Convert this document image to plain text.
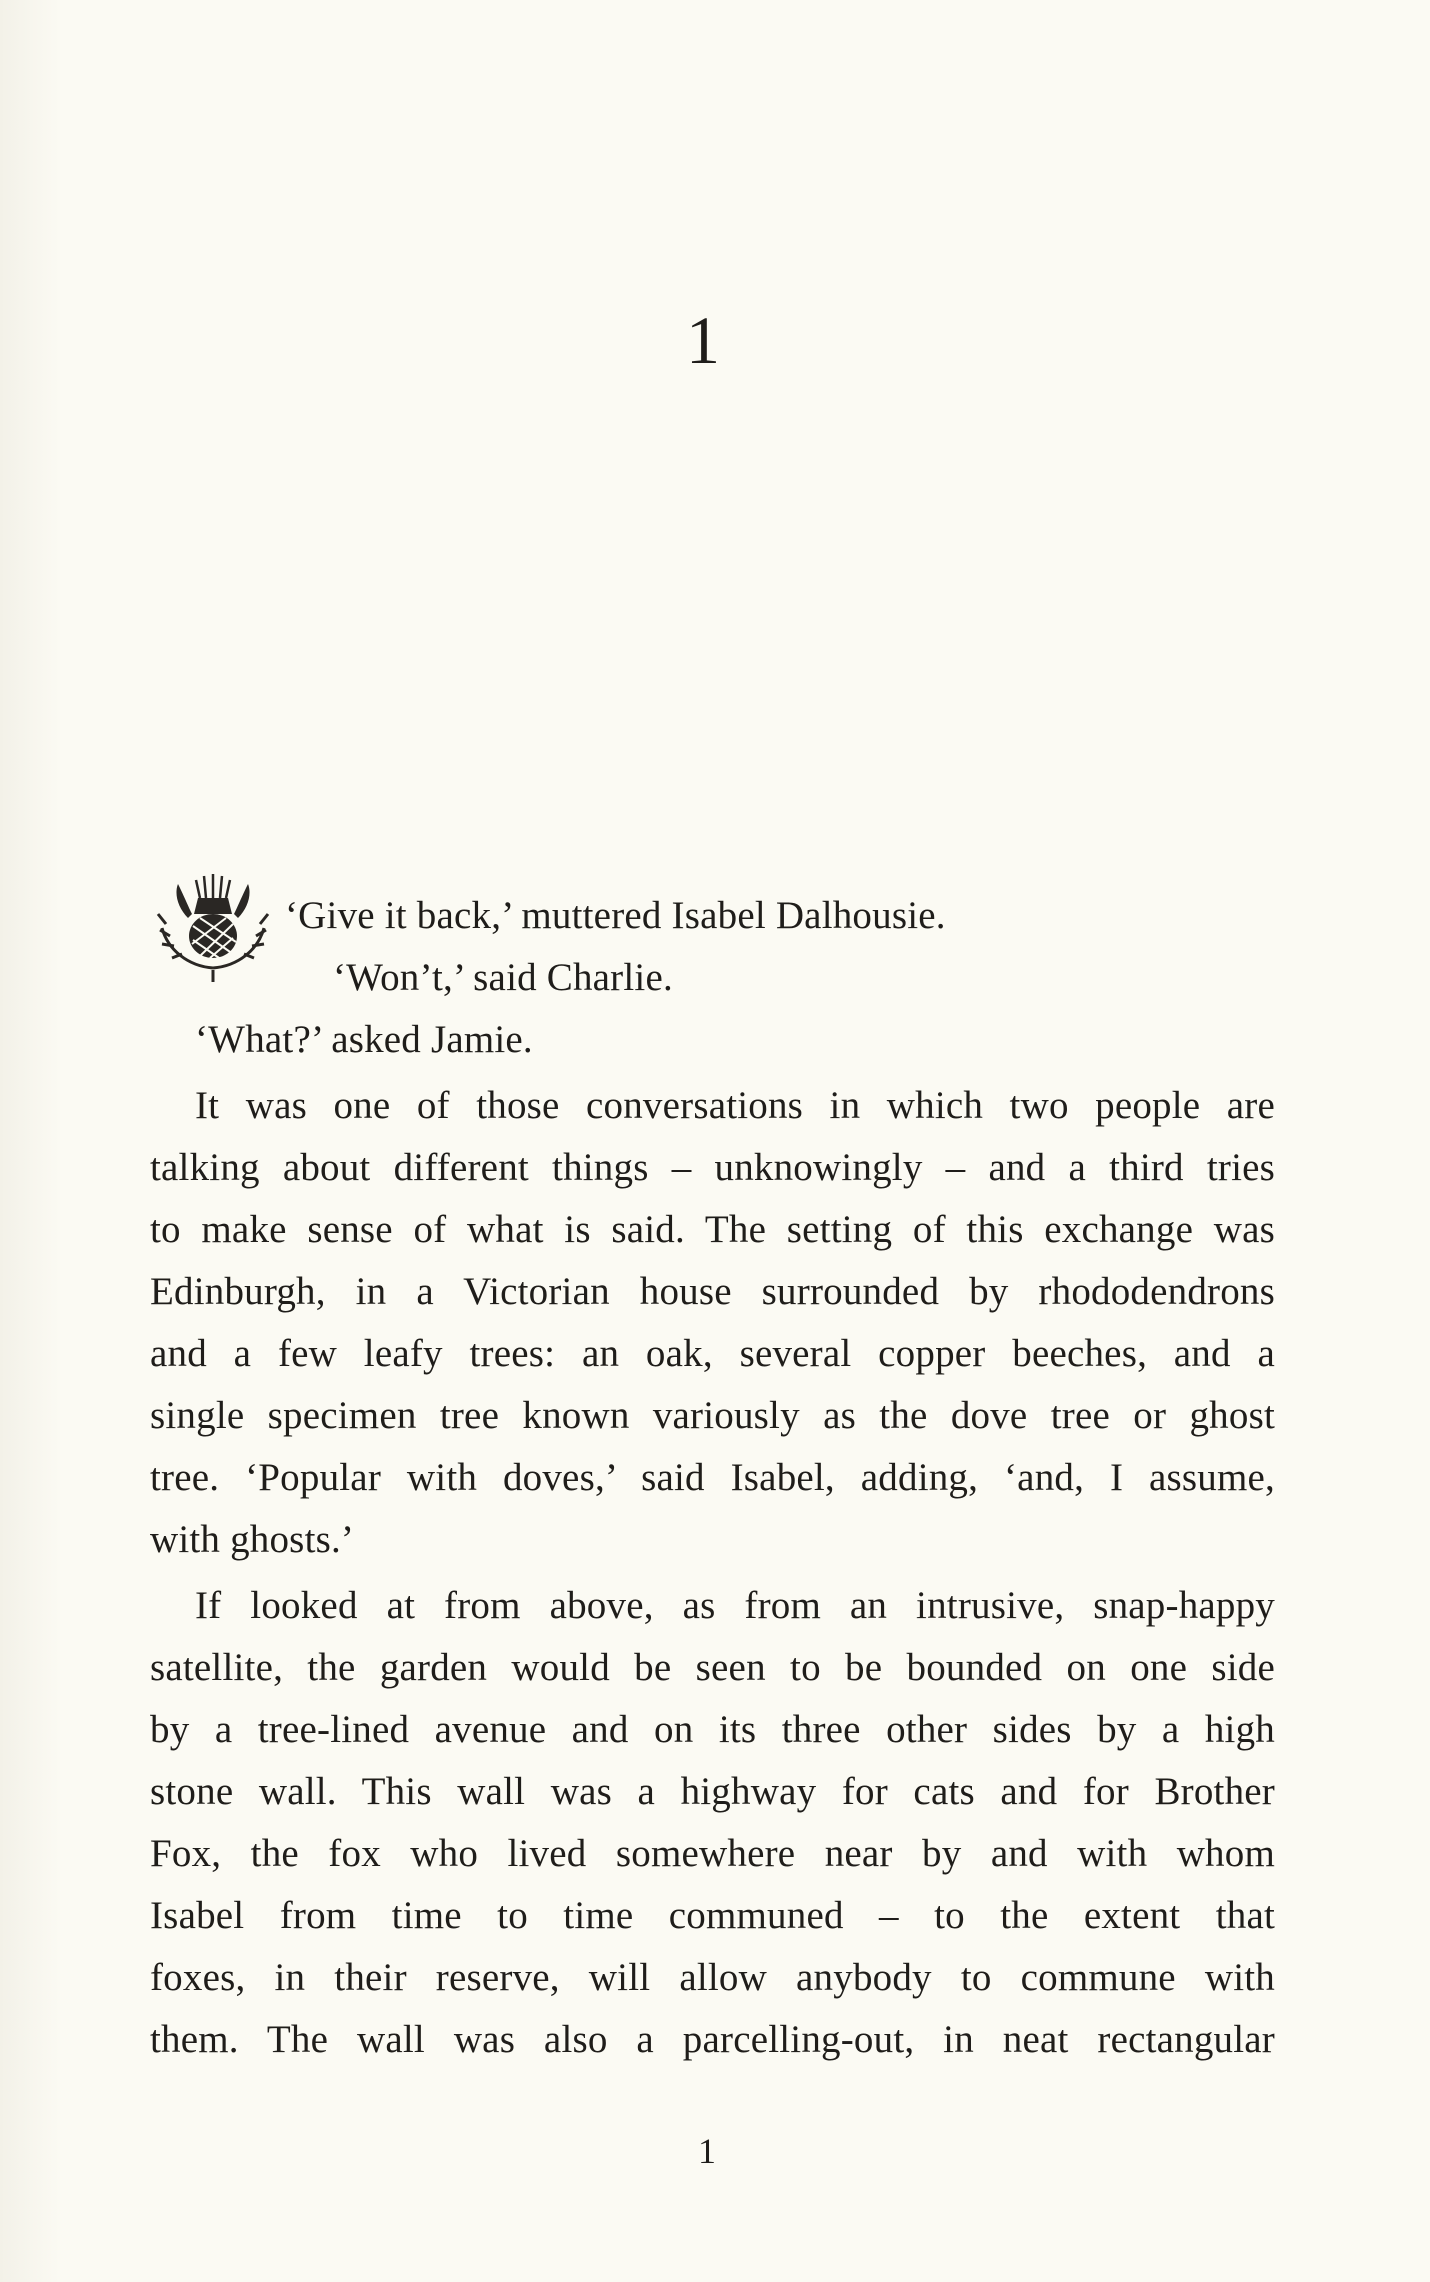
1
‘Give it back,’ muttered Isabel Dalhousie.
‘Won’t,’ said Charlie.
‘What?’ asked Jamie.
It was one of those conversations in which two people are
talking about different things – unknowingly – and a third tries
to make sense of what is said. The setting of this exchange was
Edinburgh, in a Victorian house surrounded by rhododendrons
and a few leafy trees: an oak, several copper beeches, and a
single specimen tree known variously as the dove tree or ghost
tree. ‘Popular with doves,’ said Isabel, adding, ‘and, I assume,
with ghosts.’
If looked at from above, as from an intrusive, snap-happy
satellite, the garden would be seen to be bounded on one side
by a tree-lined avenue and on its three other sides by a high
stone wall. This wall was a highway for cats and for Brother
Fox, the fox who lived somewhere near by and with whom
Isabel from time to time communed – to the extent that
foxes, in their reserve, will allow anybody to commune with
them. The wall was also a parcelling-out, in neat rectangular
1
